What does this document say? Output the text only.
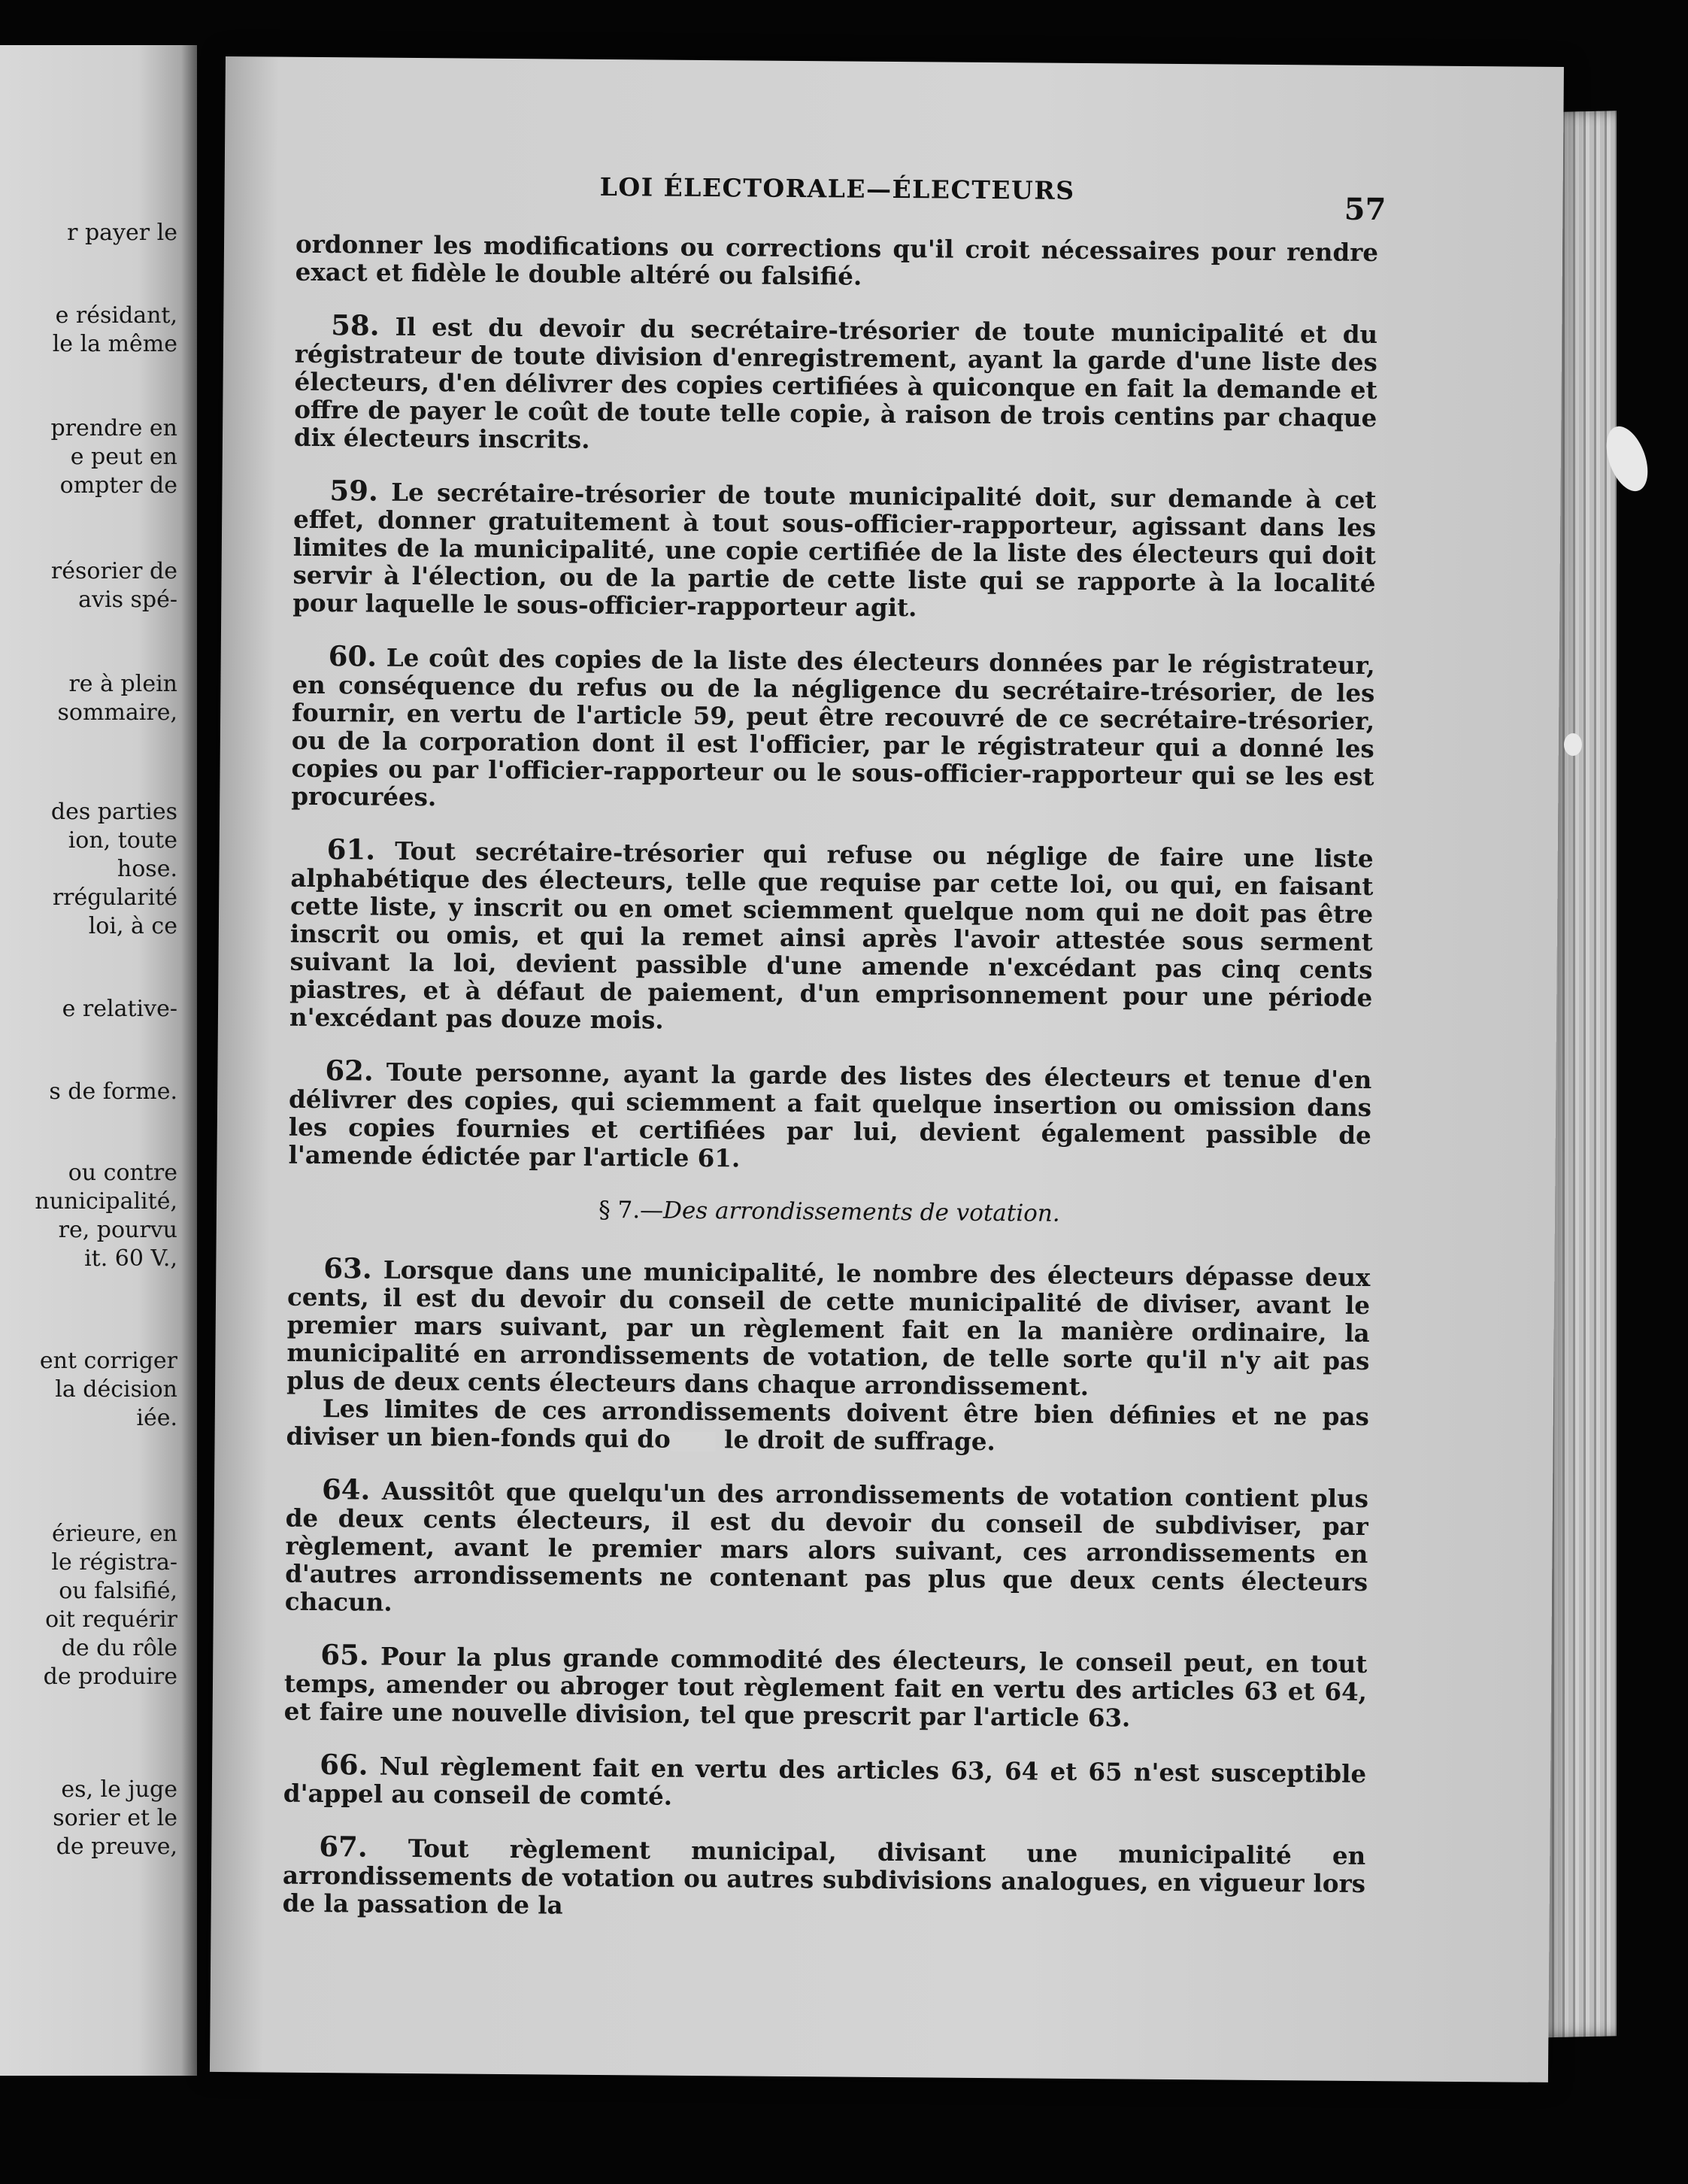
r payer le
e résidant,
le la même
prendre en
e peut en
ompter de
résorier de
avis spé-
re à plein
sommaire,
des parties
ion, toute
hose.
rrégularité
loi, à ce
e relative-
s de forme.
ou contre
nunicipalité,
re, pourvu
it. 60 V.,
ent corriger
la décision
iée.
érieure, en
le régistra-
ou falsifié,
oit requérir
de du rôle
de produire
es, le juge
sorier et le
de preuve,
LOI ÉLECTORALE—ÉLECTEURS
57

ordonner les modifications ou corrections qu'il croit nécessaires pour rendre exact et fidèle le double altéré ou falsifié.

58. Il est du devoir du secrétaire-trésorier de toute municipalité et du régistrateur de toute division d'enregistrement, ayant la garde d'une liste des électeurs, d'en délivrer des copies certifiées à quiconque en fait la demande et offre de payer le coût de toute telle copie, à raison de trois centins par chaque dix électeurs inscrits.

59. Le secrétaire-trésorier de toute municipalité doit, sur demande à cet effet, donner gratuitement à tout sous-officier-rapporteur, agissant dans les limites de la municipalité, une copie certifiée de la liste des électeurs qui doit servir à l'élection, ou de la partie de cette liste qui se rapporte à la localité pour laquelle le sous-officier-rapporteur agit.

60. Le coût des copies de la liste des électeurs données par le régistrateur, en conséquence du refus ou de la négligence du secrétaire-trésorier, de les fournir, en vertu de l'article 59, peut être recouvré de ce secrétaire-trésorier, ou de la corporation dont il est l'officier, par le régistrateur qui a donné les copies ou par l'officier-rapporteur ou le sous-officier-rapporteur qui se les est procurées.

61. Tout secrétaire-trésorier qui refuse ou néglige de faire une liste alphabétique des électeurs, telle que requise par cette loi, ou qui, en faisant cette liste, y inscrit ou en omet sciemment quelque nom qui ne doit pas être inscrit ou omis, et qui la remet ainsi après l'avoir attestée sous serment suivant la loi, devient passible d'une amende n'excédant pas cinq cents piastres, et à défaut de paiement, d'un emprisonnement pour une période n'excédant pas douze mois.

62. Toute personne, ayant la garde des listes des électeurs et tenue d'en délivrer des copies, qui sciemment a fait quelque insertion ou omission dans les copies fournies et certifiées par lui, devient également passible de l'amende édictée par l'article 61.

§ 7.—Des arrondissements de votation.

63. Lorsque dans une municipalité, le nombre des électeurs dépasse deux cents, il est du devoir du conseil de cette municipalité de diviser, avant le premier mars suivant, par un règlement fait en la manière ordinaire, la municipalité en arrondissements de votation, de telle sorte qu'il n'y ait pas plus de deux cents électeurs dans chaque arrondissement.

Les limites de ces arrondissements doivent être bien définies et ne pas diviser un bien-fonds qui do le droit de suffrage.

64. Aussitôt que quelqu'un des arrondissements de votation contient plus de deux cents électeurs, il est du devoir du conseil de subdiviser, par règlement, avant le premier mars alors suivant, ces arrondissements en d'autres arrondissements ne contenant pas plus que deux cents électeurs chacun.

65. Pour la plus grande commodité des électeurs, le conseil peut, en tout temps, amender ou abroger tout règlement fait en vertu des articles 63 et 64, et faire une nouvelle division, tel que prescrit par l'article 63.

66. Nul règlement fait en vertu des articles 63, 64 et 65 n'est susceptible d'appel au conseil de comté.

67. Tout règlement municipal, divisant une municipalité en arrondissements de votation ou autres subdivisions analogues, en vigueur lors de la passation de la
